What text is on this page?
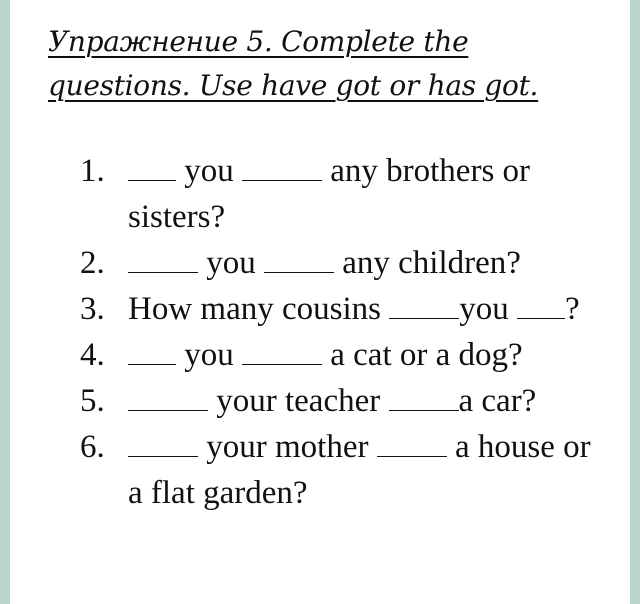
Упражнение 5. Complete the questions. Use have got or has got.
1. you	any brothers or sisters?
2.	you	any children?
3. How many cousins you ?
4. you	a cat or a dog?
5.	your teacher a car?
6.	your mother	a house or a flat garden?
